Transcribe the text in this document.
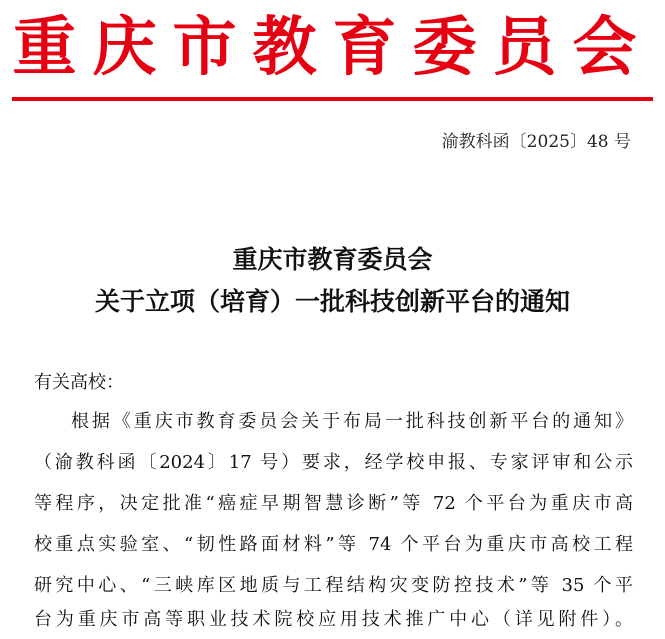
重庆市教育委员会
渝教科函〔2025〕48 号
重庆市教育委员会
关于立项（培育）一批科技创新平台的通知
有关高校：
根据《重庆市教育委员会关于布局一批科技创新平台的通知》
（渝教科函〔2024〕17 号）要求，经学校申报、专家评审和公示
等程序，决定批准“癌症早期智慧诊断”等 72 个平台为重庆市高
校重点实验室、“韧性路面材料”等 74 个平台为重庆市高校工程
研究中心、“三峡库区地质与工程结构灾变防控技术”等 35 个平
台为重庆市高等职业技术院校应用技术推广中心（详见附件）。
